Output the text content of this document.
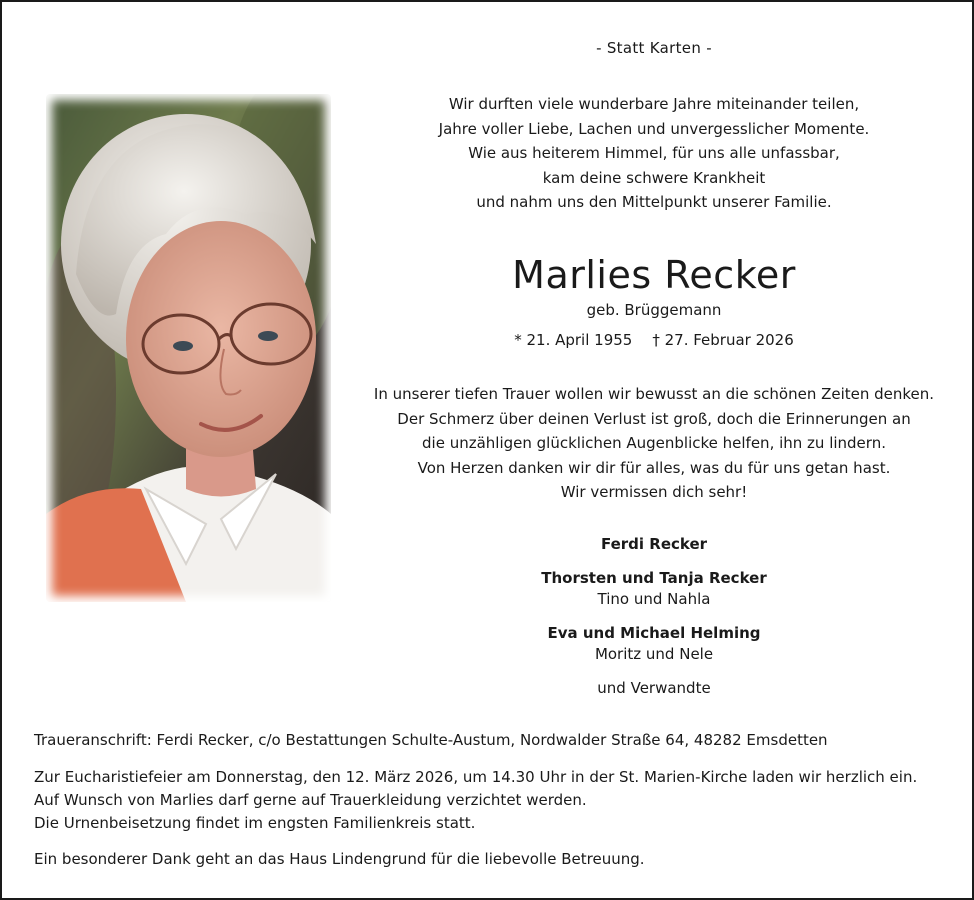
- Statt Karten -
Wir durften viele wunderbare Jahre miteinander teilen,
Jahre voller Liebe, Lachen und unvergesslicher Momente.
Wie aus heiterem Himmel, für uns alle unfassbar,
kam deine schwere Krankheit
und nahm uns den Mittelpunkt unserer Familie.
Marlies Recker
geb. Brüggemann
* 21. April 1955 † 27. Februar 2026
In unserer tiefen Trauer wollen wir bewusst an die schönen Zeiten denken.
Der Schmerz über deinen Verlust ist groß, doch die Erinnerungen an
die unzähligen glücklichen Augenblicke helfen, ihn zu lindern.
Von Herzen danken wir dir für alles, was du für uns getan hast.
Wir vermissen dich sehr!
Ferdi Recker
Thorsten und Tanja Recker
Tino und Nahla
Eva und Michael Helming
Moritz und Nele
und Verwandte

Traueranschrift: Ferdi Recker, c/o Bestattungen Schulte-Austum, Nordwalder Straße 64, 48282 Emsdetten

Zur Eucharistiefeier am Donnerstag, den 12. März 2026, um 14.30 Uhr in der St. Marien-Kirche laden wir herzlich ein.

Auf Wunsch von Marlies darf gerne auf Trauerkleidung verzichtet werden.

Die Urnenbeisetzung findet im engsten Familienkreis statt.

Ein besonderer Dank geht an das Haus Lindengrund für die liebevolle Betreuung.
